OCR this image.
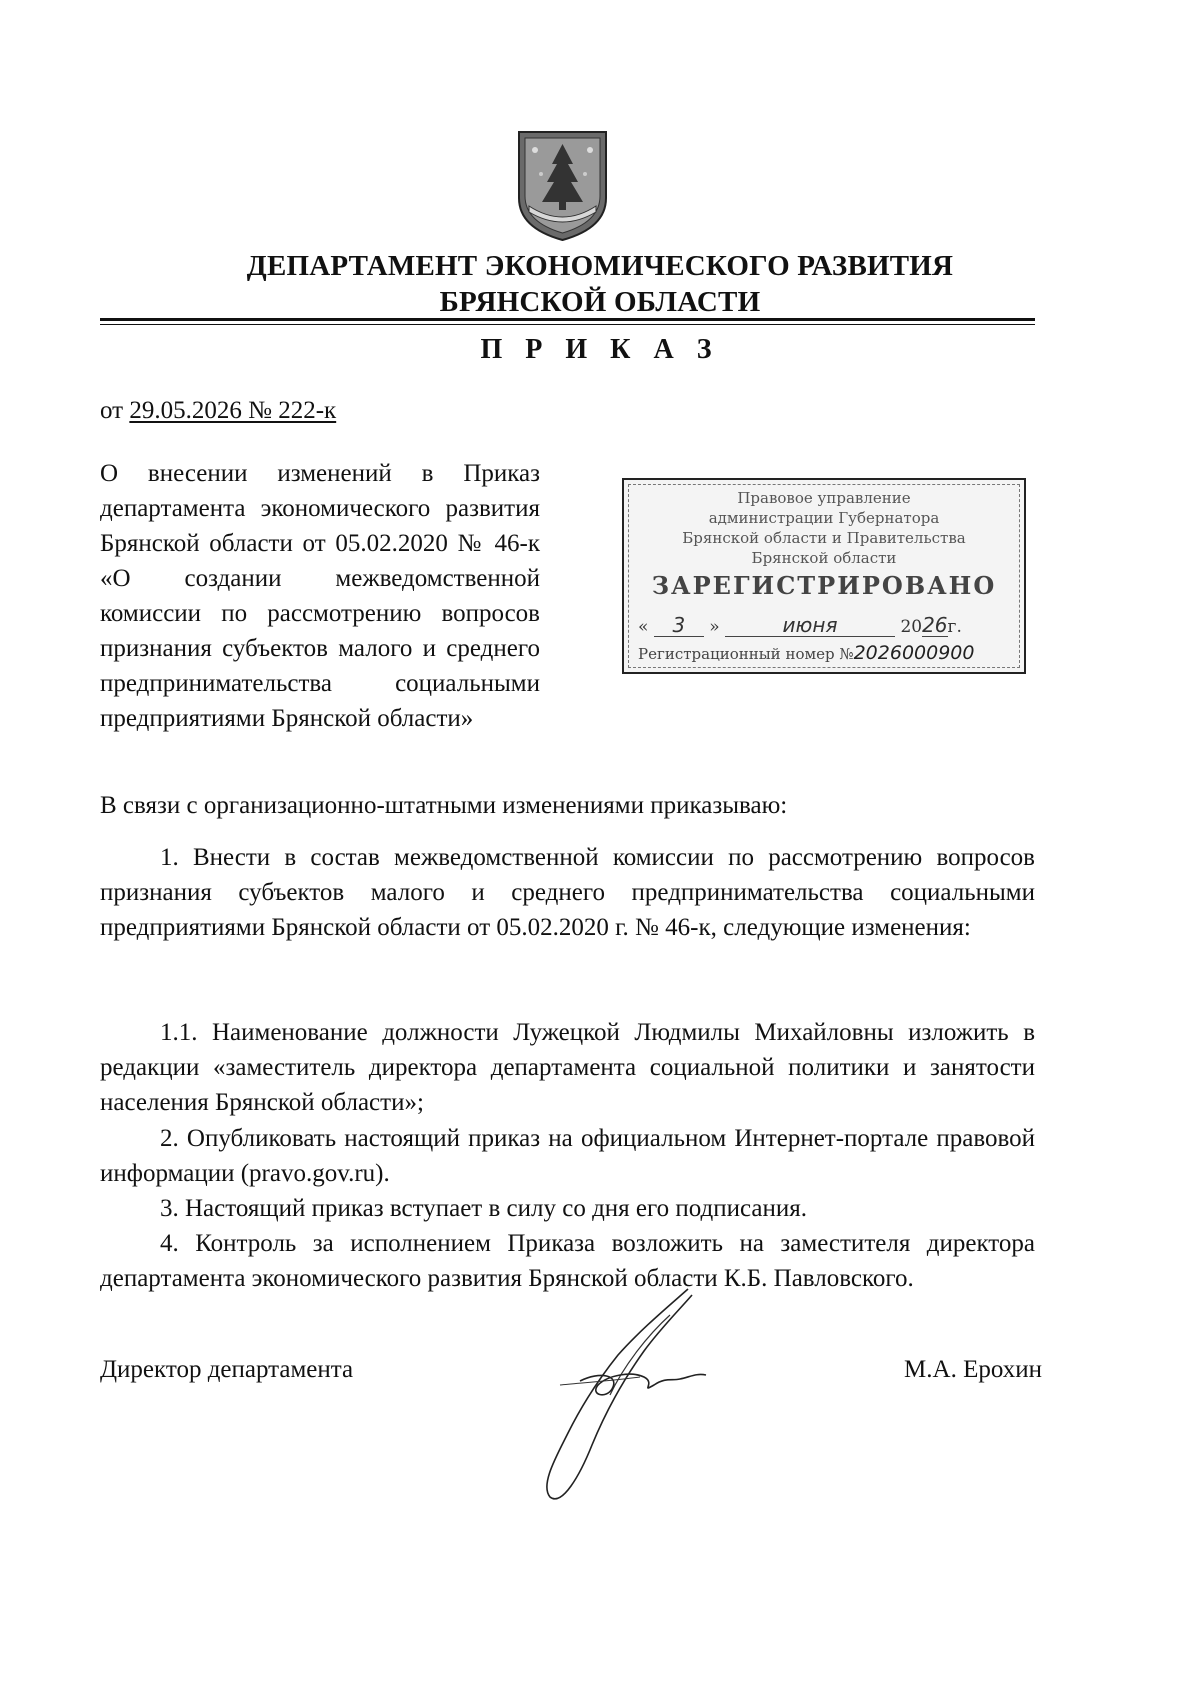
ДЕПАРТАМЕНТ ЭКОНОМИЧЕСКОГО РАЗВИТИЯ
БРЯНСКОЙ ОБЛАСТИ
П Р И К А З
от 29.05.2026 № 222-к
О внесении изменений в Приказ департамента экономического развития Брянской области от 05.02.2020 № 46-к «О создании межведомственной комиссии по рассмотрению вопросов признания субъектов малого и среднего предпринимательства социальными предприятиями Брянской области»
Правовое управление
администрации Губернатора
Брянской области и Правительства
Брянской области
ЗАРЕГИСТРИРОВАНО
« 3 »	июня	2026г.
Регистрационный номер №2026000900
В связи с организационно-штатными изменениями приказываю:
1. Внести в состав межведомственной комиссии по рассмотрению вопросов признания субъектов малого и среднего предпринимательства социальными предприятиями Брянской области от 05.02.2020 г. № 46-к, следующие изменения:
1.1. Наименование должности Лужецкой Людмилы Михайловны изложить в редакции «заместитель директора департамента социальной политики и занятости населения Брянской области»;
2. Опубликовать настоящий приказ на официальном Интернет-портале правовой информации (pravo.gov.ru).
3. Настоящий приказ вступает в силу со дня его подписания.
4. Контроль за исполнением Приказа возложить на заместителя директора департамента экономического развития Брянской области К.Б. Павловского.
Директор департамента	М.А. Ерохин
